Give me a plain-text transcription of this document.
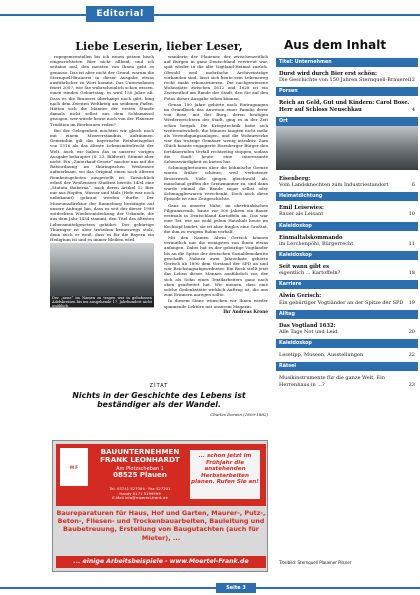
Editorial
Liebe Leserin, lieber Leser,

rupegemeentallen bis ich ezuen patzen bisch eingesrichteten Bier nicht allbeid, und ich seitaine mal, den meisten von Ihnen geht es genauso. Das ist aber nicht der Grund, warum die Sternquell-Brauerei in dieser Ausgabe etwas ausführlicher zu Wort kommt. Das Unternehmen feiert 2007, wie Sie wahrscheinlich schon wissen, einen runden Geburtstag, es wird 150 Jahre alt. Dass es die Brauerei überhaupt noch gibt, hing nach dem Zweiten Weltkrieg am seidenen Faden. Hätten sich die Männer der ersten Stunde damals nicht selbst aus dem Schlamassel gezogen, wer würde heute noch von der Plauener Tradition im Bierbrauen reden?

Bei der Gelegenheit möchten wir gleich noch mit einem Missverständnis aufräumen. Gemeinhin gilt das bayerische Reinheitsgebot von 1516 als das älteste Lebensmittelrecht der Welt, auch wir haben das in unserer vorigen Ausgabe behauptet (S. 23, Bildtext). Stimmt aber nicht. Ein „Zinterkauf-Gesetz“ machte uns auf die Ratsordnung im thüringischen Weißensee aufmerksam, wo das Original einen noch älteren Reinheitsgebotes ausgestellt ist. Tatsächlich erließ der Weißenseer Stadtrat bereits 1434 eine „Statuta thaberna“, nach deren Artikel 12 Bier nur aus Hopfen, Wasser und Malz (Hefe war noch unbekannt) gebraut werden durfte. Der Museumsdirektor der Runneburg bestätigte auf unsere Anfrage hin, dass es seit der dieser 1998 entdeckten Wiederentdeckung der Urkunde, die aus dem Jahr 1434 stammt, den Titel des ältesten Lebensmittelgesetzes gebührt. Der gebürtige Thüringer ist aber trotzdem keineswegs stolz, denn auch er weiß, dass es für die Bayern ein Heiligtum ist und es immer bleiben wird.

Der „neue“ im Namen zu tragen war in gehobenen Adelskreisen bis ins ausgehende 17. Jahrhundert nicht unüblich.

wanderte der Plauener, der zwischenzeitlich auf Burgen in ganz Deutschland verstreut war, spät wieder in die alte Vogtland-Heimat zurück. Obwohl weil mehrfache Archiveinträge vorhanden sind, lässt sich heute sein Lebensweg recht exakt rekonstruieren. Die nachgewiesene Wohnstätte zwischen 1612 und 1628 ist ein Zweiseithof am Rande der Stadt, den Sie auf den Fotos dieser Ausgabe sehen können.

Genau 100 Jahre gehörte nach Eintragungen im Grundbuch das Anwesen einer Familie derer von Bose, mit der Burg, deren heutigen Wiedererrichtern der Stadt, ging es in der Zeit schon bergab. Die Kriegstechnik hatte sich weiterentwickelt, die Mauern taugten nicht mehr als Verteidigungsanlagen, und die Wohnzwecke war das trutzige Gemäuer wenig attraktiv. Zum Glück konnte engagierte Eisenberger Bürger den fortdauernden Verfall rechtzeitig stoppen, sodass die Stadt heute eine interessante Sehenswürdigkeit zu bieten hat.

Schmugglertouren über die böhmische Grenze waren früher schöner, weil verbotener Broterwerb. Viele gingen gleichwohl ab, manchmal griffen die Grenzmanner zu, und dann wurde einmal die Bande sogar selbst oder Schmugglerwaren verschenkt. Doch auch diese Episode ist eine Zeitgeschichte.

Ganz in unserer Nähe, im oberfränkischen Pilgramsreuth, baute vor 300 Jahren ein Bauer erstmals in Deutschland Kartoffeln an. Das war eine Tat, wie sie wohl jedem Haushalt heute im Kochtopf landet, sie ist aber fraglos eine Großtat, die ihm zu ewigem Ruhm verhalf.

Mit den Namen Alwin Gerisch können vermutlich nur die wenigsten von Ihnen etwas anfangen. Dabei hat es der gebürtige Vogtländer bis an die Spitze der deutschen Sozialdemokratie geschafft. Nahezu zwei Jahrzehnte gehörte Gerisch ab 1890 dem Vorstand der SPD an und war Reichstagsabgeordneter. Ein Buch stellt jetzt das Leben dieses Mannes ausführlich vor, der sich als Sohn eines Textilarbeiters ganz nach oben gearbeitet hat. Wir meinen, dass eine solche Gedenkstätte wirklich Auftrag ist, die uns zum Erinnern anregen sollte.

In diesem Sinne wünschen wir Ihnen wieder spannende Lektüre mit unserem Magazin.

Ihr Andreas Krone
Aus dem Inhalt
Titel: Unternehmen
Durst wird durch Bier erst schön:
Die Geschichte von 150 Jahren Sternquell-Brauerei 12
Porsen
Reich an Geld, Gut und Kindern: Carol Bose. Herr auf Schloss Neuschkau	4
Ort
Eisenberg:
Vom Landsknechten zum Industriestandort	6
Heimatdichtung
Emil Leisewies:
Bauer als Leisant	10
Kaleidoskop
Einmaltalskommando
im Lerchenpöhl, Bürgerrecht	11
Kaleidoskop
Seit wann gibt es
eigentlich ... Kartoffeln?	18
Karriere
Alwin Gerisch:
Ein gebürtiger Vogtländer an der Spitze der SPD 19
Alltag
Das Vogtland 1632:
Alle Tage Not und Leid	20
Kaleidoskop
Lesetipp, Museen, Ausstellungen	22
Rätsel
Musikinstrumente für die ganze Welt, Ein Herrenhaus in ...?	23
Titelbild: Sternquell Plauener Pilsner
ZITAT
Nichts in der Geschichte des Lebens ist beständiger als der Wandel.
Charles Darwin (1809-1882)
M F
BAUUNTERNEHMEN
FRANK LEONHARDT
Am Plotzscheban 1
08525 Plauen
Tel. 03741 527304 · Fax 527201
Handy 0171 5199599
E-Mail info@moertel-frank.de
... schon jetzt im Frühjahr die anstehenden Herbstarbeiten planen. Rufen Sie an!
Baureparaturen für Haus, Hof und Garten, Maurer-, Putz-, Beton-, Fliesen- und Trockenbauarbeiten, Bauleitung und Baubetreuung, Erstellung von Baugutachten (auch für Mieter), ...
... einige Arbeitsbeispiele - www.Moertel-Frank.de
Seite 3
